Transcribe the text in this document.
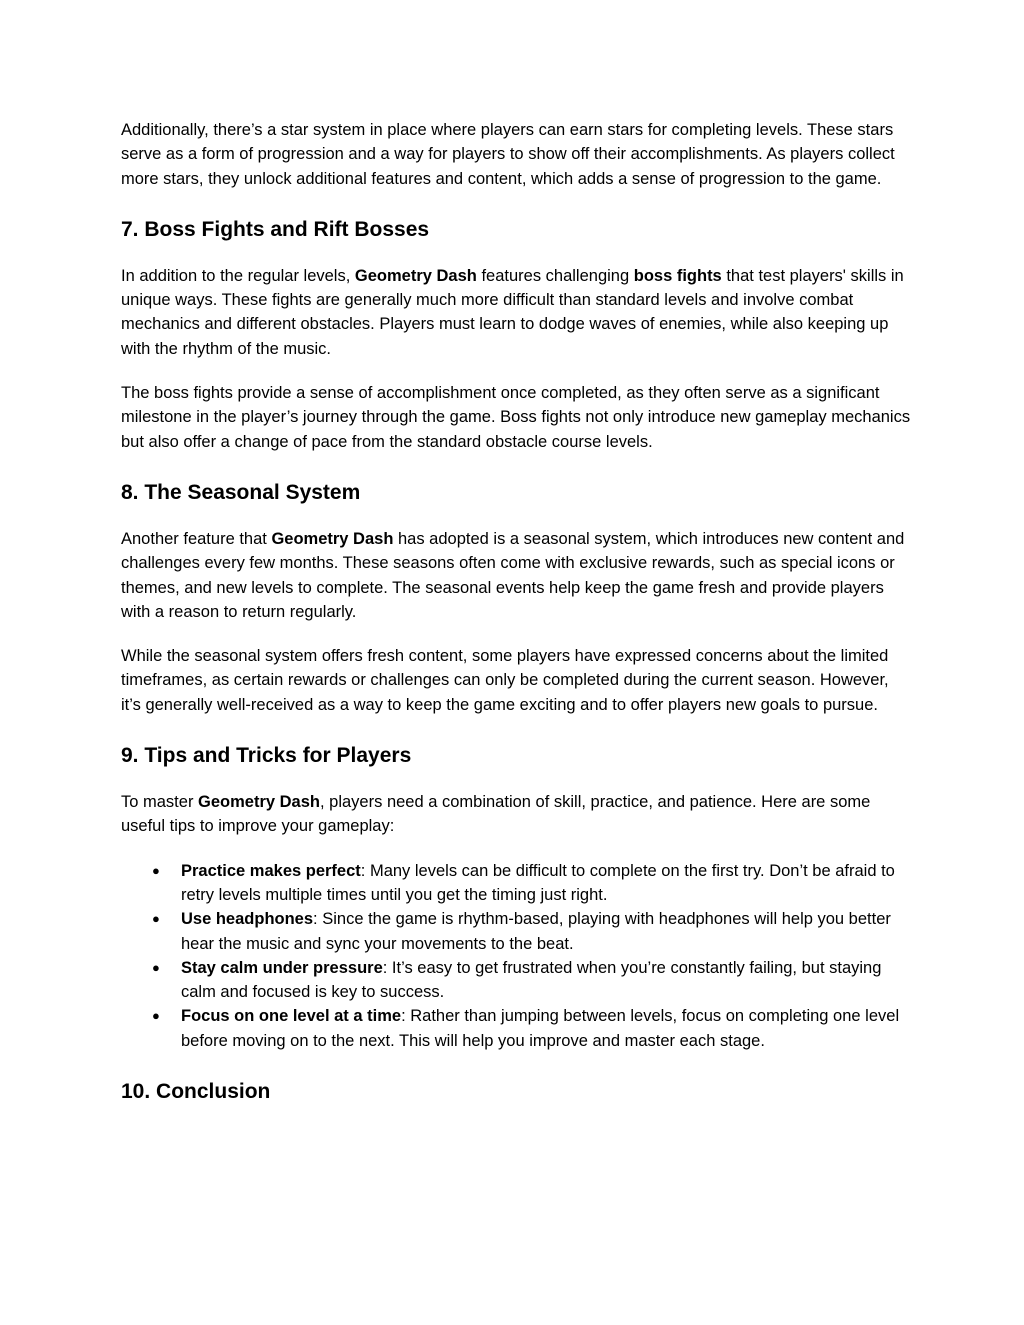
Additionally, there’s a star system in place where players can earn stars for completing levels. These stars serve as a form of progression and a way for players to show off their accomplishments. As players collect more stars, they unlock additional features and content, which adds a sense of progression to the game.

7. Boss Fights and Rift Bosses

In addition to the regular levels, Geometry Dash features challenging boss fights that test players' skills in unique ways. These fights are generally much more difficult than standard levels and involve combat mechanics and different obstacles. Players must learn to dodge waves of enemies, while also keeping up with the rhythm of the music.

The boss fights provide a sense of accomplishment once completed, as they often serve as a significant milestone in the player’s journey through the game. Boss fights not only introduce new gameplay mechanics but also offer a change of pace from the standard obstacle course levels.

8. The Seasonal System

Another feature that Geometry Dash has adopted is a seasonal system, which introduces new content and challenges every few months. These seasons often come with exclusive rewards, such as special icons or themes, and new levels to complete. The seasonal events help keep the game fresh and provide players with a reason to return regularly.

While the seasonal system offers fresh content, some players have expressed concerns about the limited timeframes, as certain rewards or challenges can only be completed during the current season. However, it’s generally well-received as a way to keep the game exciting and to offer players new goals to pursue.

9. Tips and Tricks for Players

To master Geometry Dash, players need a combination of skill, practice, and patience. Here are some useful tips to improve your gameplay:

● Practice makes perfect: Many levels can be difficult to complete on the first try. Don’t be afraid to retry levels multiple times until you get the timing just right.
● Use headphones: Since the game is rhythm-based, playing with headphones will help you better hear the music and sync your movements to the beat.
● Stay calm under pressure: It’s easy to get frustrated when you’re constantly failing, but staying calm and focused is key to success.
● Focus on one level at a time: Rather than jumping between levels, focus on completing one level before moving on to the next. This will help you improve and master each stage.
10. Conclusion
